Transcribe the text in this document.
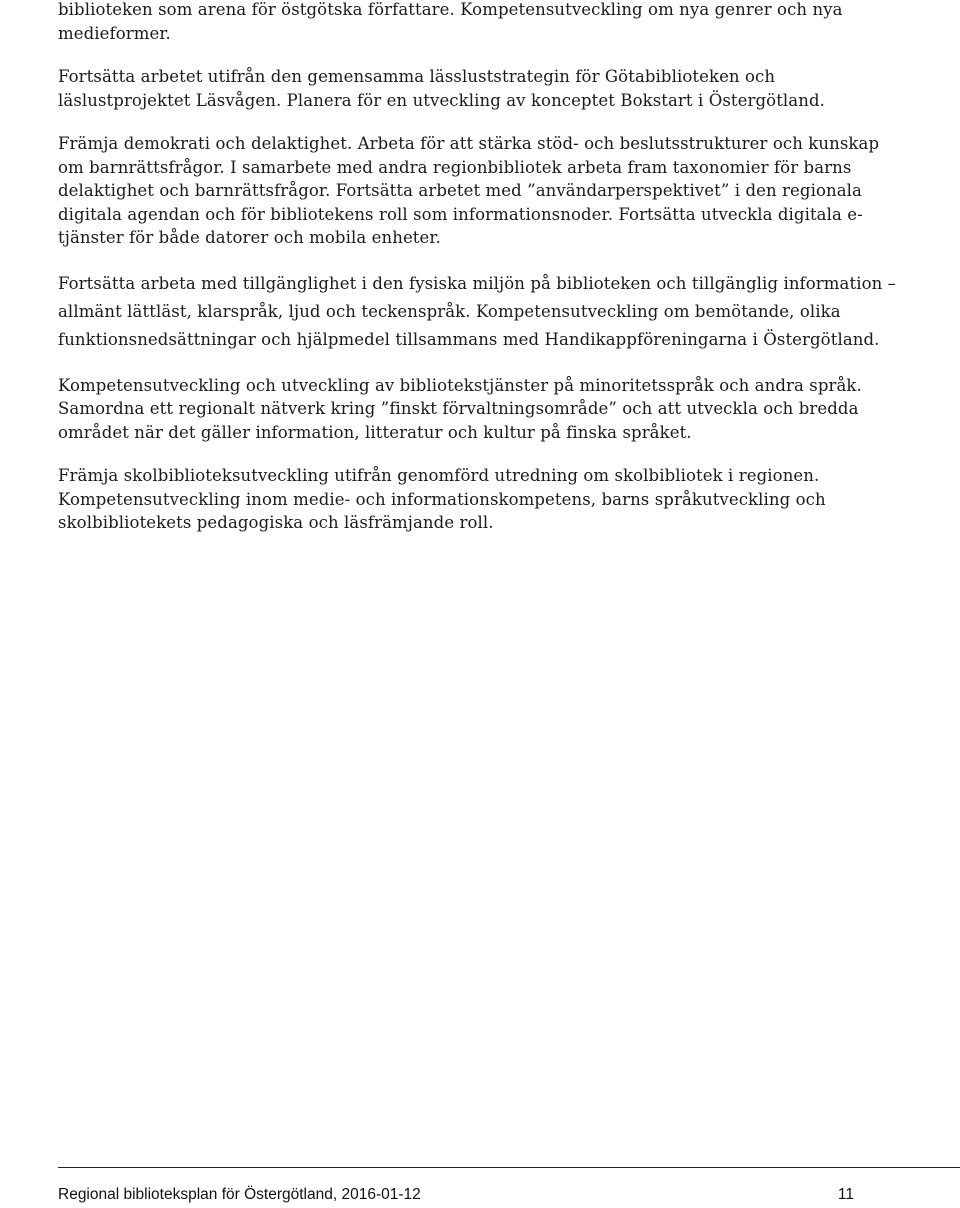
biblioteken som arena för östgötska författare. Kompetensutveckling om nya genrer och nya medieformer.

Fortsätta arbetet utifrån den gemensamma lässluststrategin för Götabiblioteken och läslustprojektet Läsvågen. Planera för en utveckling av konceptet Bokstart i Östergötland.

Främja demokrati och delaktighet. Arbeta för att stärka stöd- och beslutsstrukturer och kunskap om barnrättsfrågor. I samarbete med andra regionbibliotek arbeta fram taxonomier för barns delaktighet och barnrättsfrågor. Fortsätta arbetet med ”användarperspektivet” i den regionala digitala agendan och för bibliotekens roll som informationsnoder. Fortsätta utveckla digitala e-tjänster för både datorer och mobila enheter.

Fortsätta arbeta med tillgänglighet i den fysiska miljön på biblioteken och tillgänglig information – allmänt lättläst, klarspråk, ljud och teckenspråk. Kompetensutveckling om bemötande, olika funktionsnedsättningar och hjälpmedel tillsammans med Handikappföreningarna i Östergötland.

Kompetensutveckling och utveckling av bibliotekstjänster på minoritetsspråk och andra språk. Samordna ett regionalt nätverk kring ”finskt förvaltningsområde” och att utveckla och bredda området när det gäller information, litteratur och kultur på finska språket.

Främja skolbiblioteksutveckling utifrån genomförd utredning om skolbibliotek i regionen. Kompetensutveckling inom medie- och informationskompetens, barns språkutveckling och skolbibliotekets pedagogiska och läsfrämjande roll.

Regional biblioteksplan för Östergötland, 2016-01-12	11
